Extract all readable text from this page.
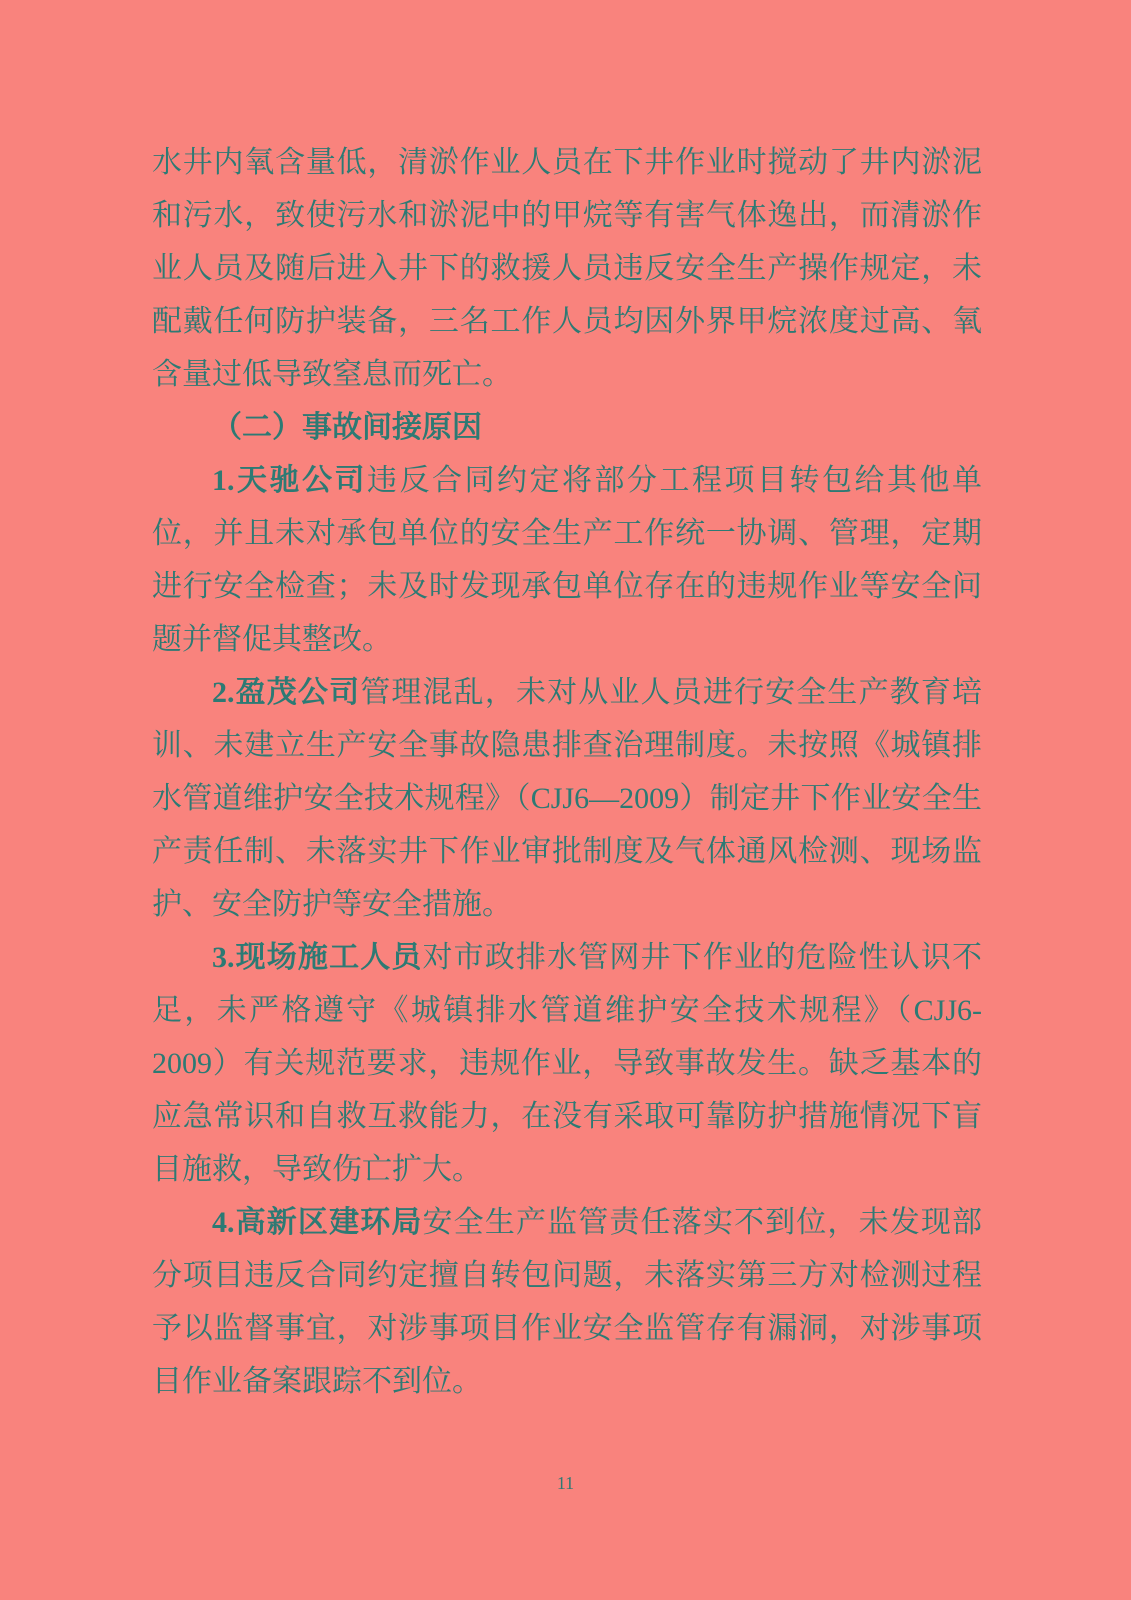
水井内氧含量低，清淤作业人员在下井作业时搅动了井内淤泥和污水，致使污水和淤泥中的甲烷等有害气体逸出，而清淤作业人员及随后进入井下的救援人员违反安全生产操作规定，未配戴任何防护装备，三名工作人员均因外界甲烷浓度过高、氧含量过低导致窒息而死亡。

（二）事故间接原因

1.天驰公司违反合同约定将部分工程项目转包给其他单位，并且未对承包单位的安全生产工作统一协调、管理，定期进行安全检查；未及时发现承包单位存在的违规作业等安全问题并督促其整改。

2.盈茂公司管理混乱，未对从业人员进行安全生产教育培训、未建立生产安全事故隐患排查治理制度。未按照《城镇排水管道维护安全技术规程》（CJJ6—2009）制定井下作业安全生产责任制、未落实井下作业审批制度及气体通风检测、现场监护、安全防护等安全措施。

3.现场施工人员对市政排水管网井下作业的危险性认识不足，未严格遵守《城镇排水管道维护安全技术规程》（CJJ6-2009）有关规范要求，违规作业，导致事故发生。缺乏基本的应急常识和自救互救能力，在没有采取可靠防护措施情况下盲目施救，导致伤亡扩大。

4.高新区建环局安全生产监管责任落实不到位，未发现部分项目违反合同约定擅自转包问题，未落实第三方对检测过程予以监督事宜，对涉事项目作业安全监管存有漏洞，对涉事项目作业备案跟踪不到位。

11
